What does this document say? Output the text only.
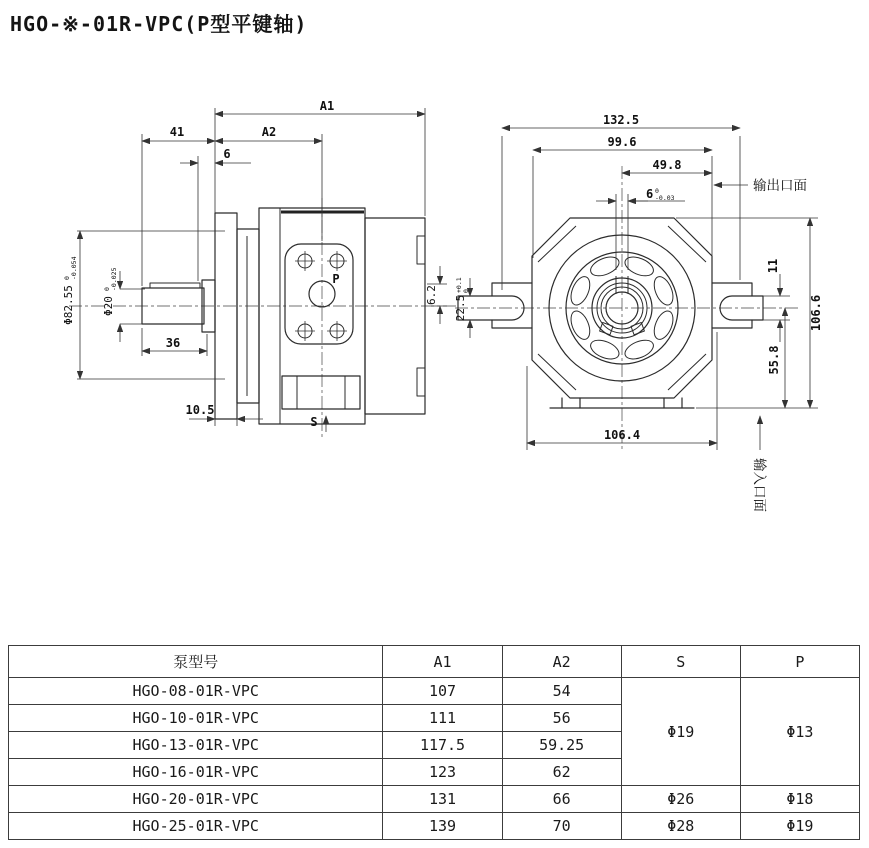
HGO-※-01R-VPC(P型平键轴)
A1
41	A2
6
Φ82.55
0 -0.054
Φ20
0 -0.025
36
10.5
6.2
P
S
132.5
99.6
49.8
6 0
-0.03
输出口面
22.5
+0.1 0
11
106.6
55.8
106.4
输入口面
泵型号	A1	A2	S	P
HGO-08-01R-VPC	107	54	Φ19	Φ13
HGO-10-01R-VPC	111	56		
HGO-13-01R-VPC	117.5	59.25		
HGO-16-01R-VPC	123	62		
HGO-20-01R-VPC	131	66	Φ26	Φ18
HGO-25-01R-VPC	139	70	Φ28	Φ19
